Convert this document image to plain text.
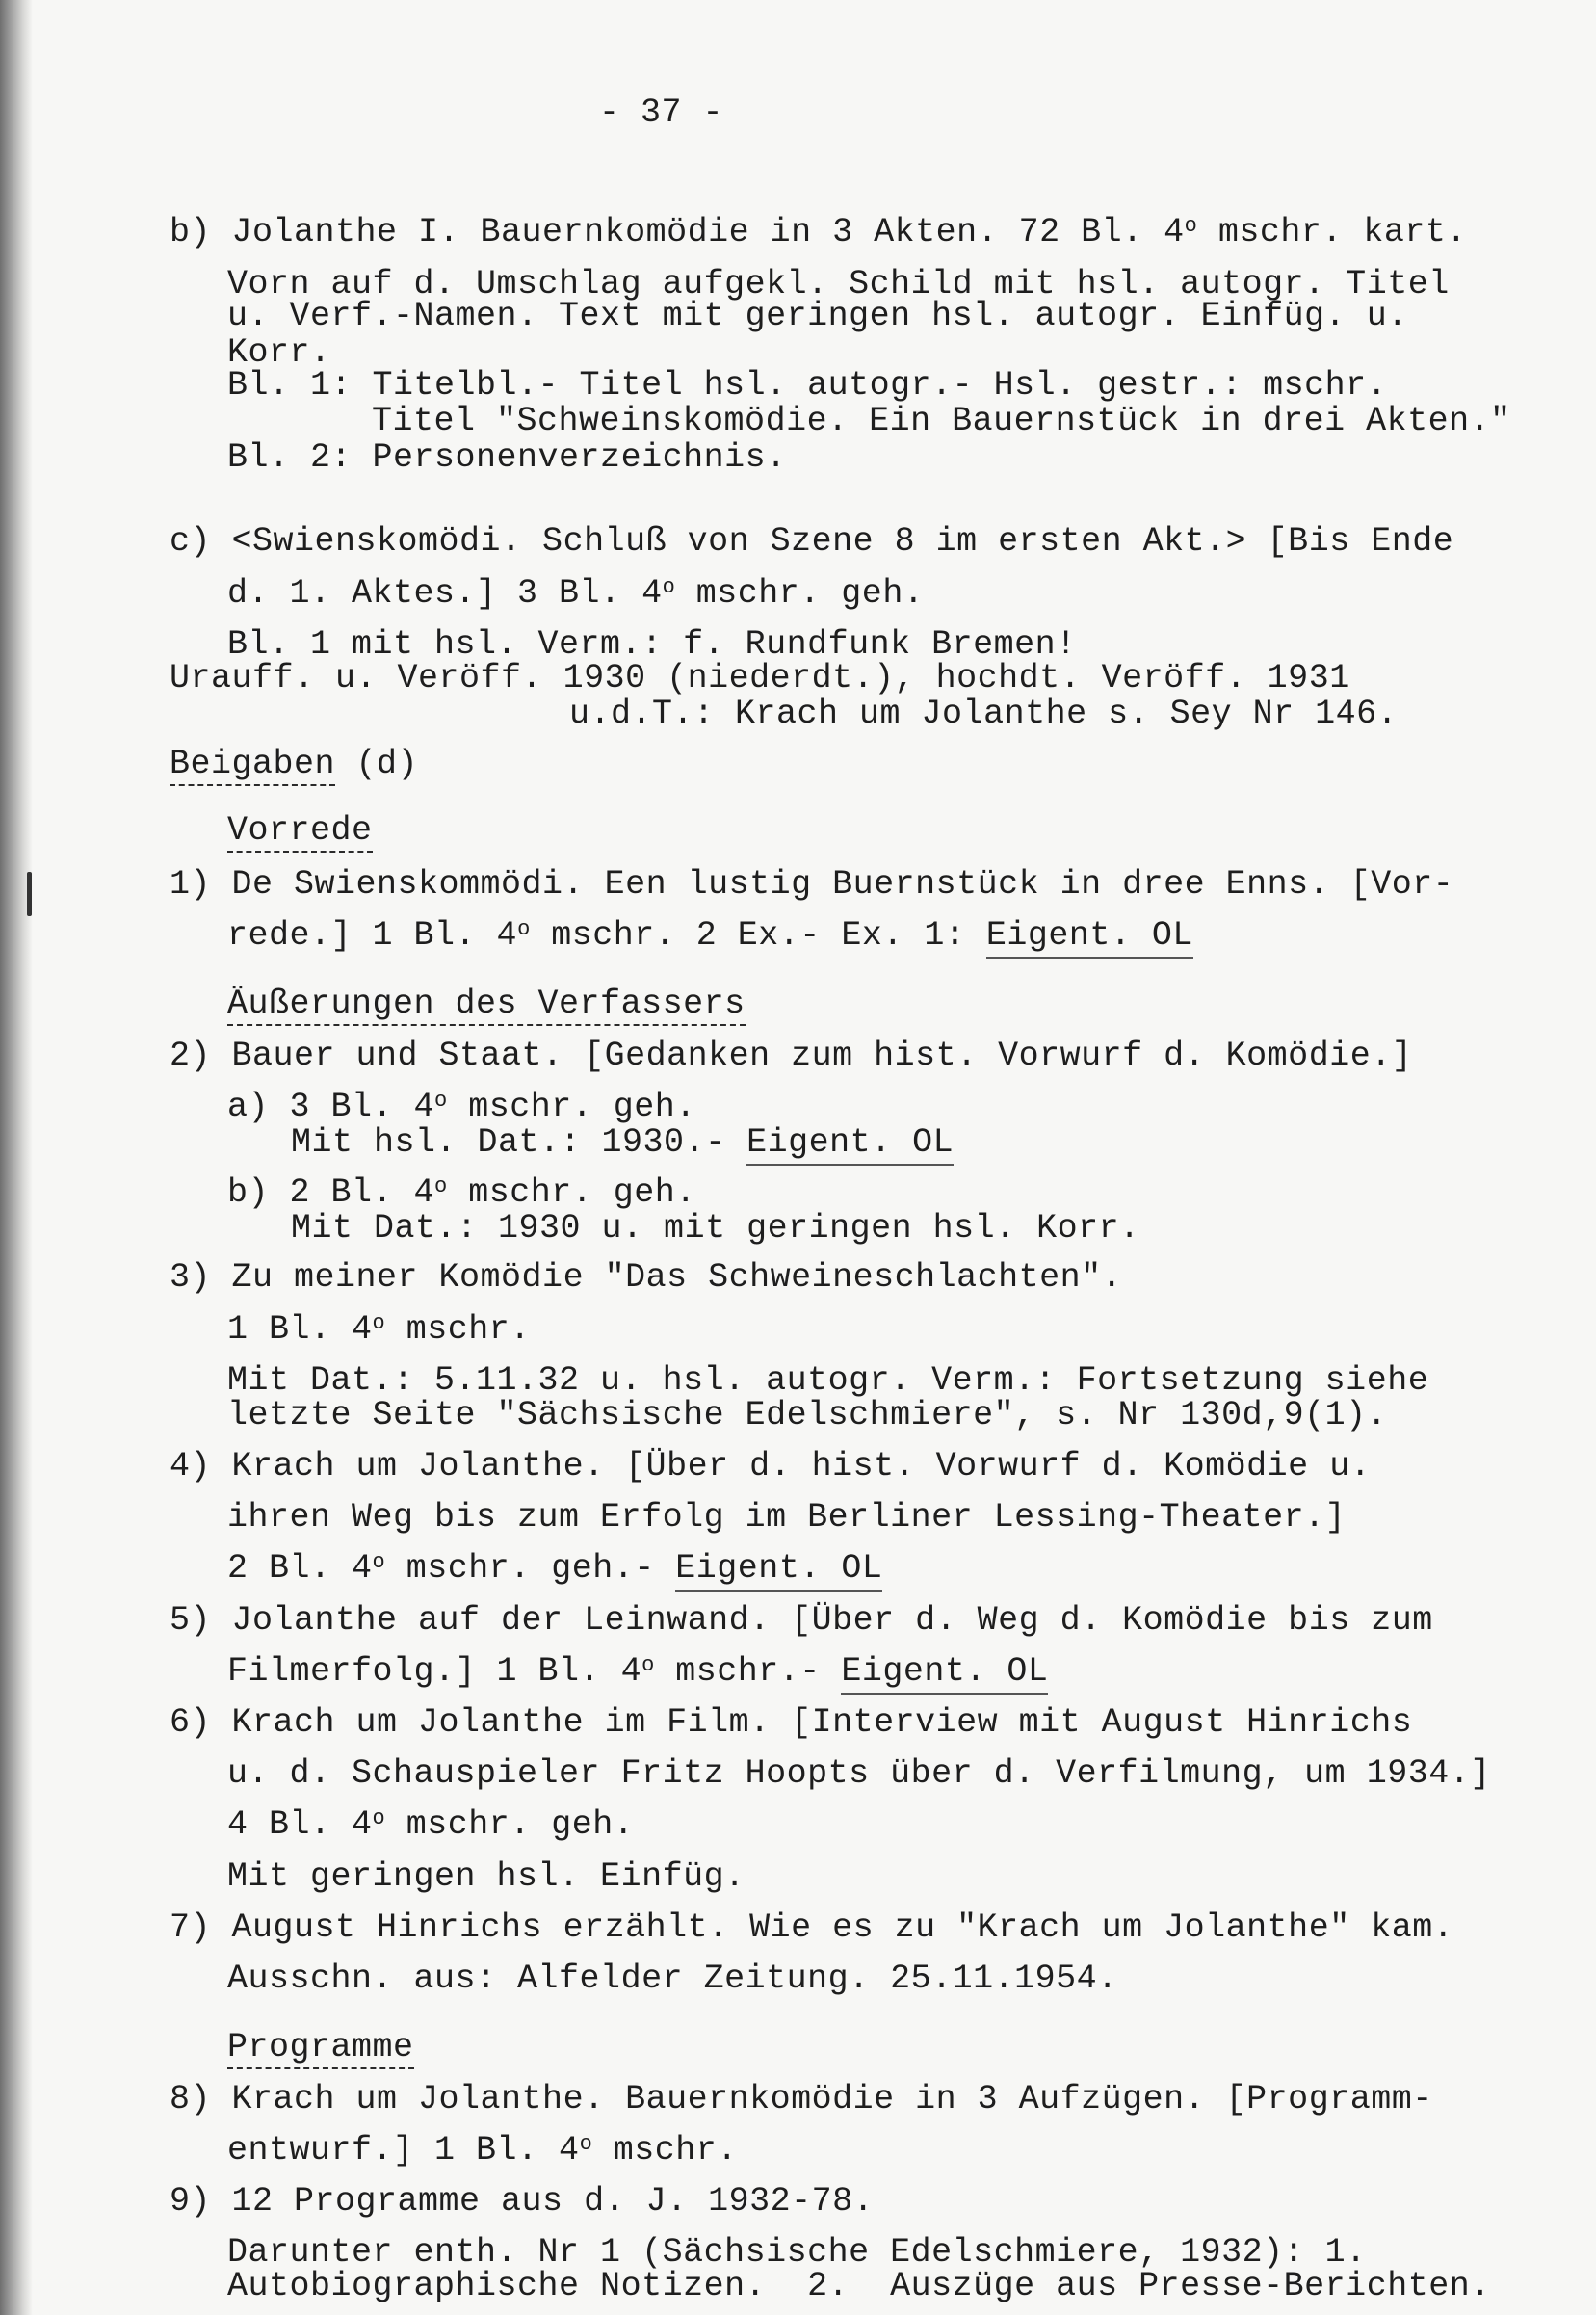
- 37 -
b) Jolanthe I. Bauernkomödie in 3 Akten. 72 Bl. 4$^o$ mschr. kart.
Vorn auf d. Umschlag aufgekl. Schild mit hsl. autogr. Titel
u. Verf.-Namen. Text mit geringen hsl. autogr. Einfüg. u.
Korr.
Bl. 1: Titelbl.- Titel hsl. autogr.- Hsl. gestr.: mschr.
Titel "Schweinskomödie. Ein Bauernstück in drei Akten."
Bl. 2: Personenverzeichnis.
c) <Swienskomödi. Schluß von Szene 8 im ersten Akt.> [Bis Ende
d. 1. Aktes.] 3 Bl. 4$^o$ mschr. geh.
Bl. 1 mit hsl. Verm.: f. Rundfunk Bremen!
Urauff. u. Veröff. 1930 (niederdt.), hochdt. Veröff. 1931
u.d.T.: Krach um Jolanthe s. Sey Nr 146.
Beigaben (d)
Vorrede
1) De Swienskommödi. Een lustig Buernstück in dree Enns. [Vor-
rede.] 1 Bl. 4$^o$ mschr. 2 Ex.- Ex. 1: Eigent. OL
Äußerungen des Verfassers
2) Bauer und Staat. [Gedanken zum hist. Vorwurf d. Komödie.]
a) 3 Bl. 4$^o$ mschr. geh.
Mit hsl. Dat.: 1930.- Eigent. OL
b) 2 Bl. 4$^o$ mschr. geh.
Mit Dat.: 1930 u. mit geringen hsl. Korr.
3) Zu meiner Komödie "Das Schweineschlachten".
1 Bl. 4$^o$ mschr.
Mit Dat.: 5.11.32 u. hsl. autogr. Verm.: Fortsetzung siehe
letzte Seite "Sächsische Edelschmiere", s. Nr 130d,9(1).
4) Krach um Jolanthe. [Über d. hist. Vorwurf d. Komödie u.
ihren Weg bis zum Erfolg im Berliner Lessing-Theater.]
2 Bl. 4$^o$ mschr. geh.- Eigent. OL
5) Jolanthe auf der Leinwand. [Über d. Weg d. Komödie bis zum
Filmerfolg.] 1 Bl. 4$^o$ mschr.- Eigent. OL
6) Krach um Jolanthe im Film. [Interview mit August Hinrichs
u. d. Schauspieler Fritz Hoopts über d. Verfilmung, um 1934.]
4 Bl. 4$^o$ mschr. geh.
Mit geringen hsl. Einfüg.
7) August Hinrichs erzählt. Wie es zu "Krach um Jolanthe" kam.
Ausschn. aus: Alfelder Zeitung. 25.11.1954.
Programme
8) Krach um Jolanthe. Bauernkomödie in 3 Aufzügen. [Programm-
entwurf.] 1 Bl. 4$^o$ mschr.
9) 12 Programme aus d. J. 1932-78.
Darunter enth. Nr 1 (Sächsische Edelschmiere, 1932): 1.
Autobiographische Notizen.  2.  Auszüge aus Presse-Berichten.
